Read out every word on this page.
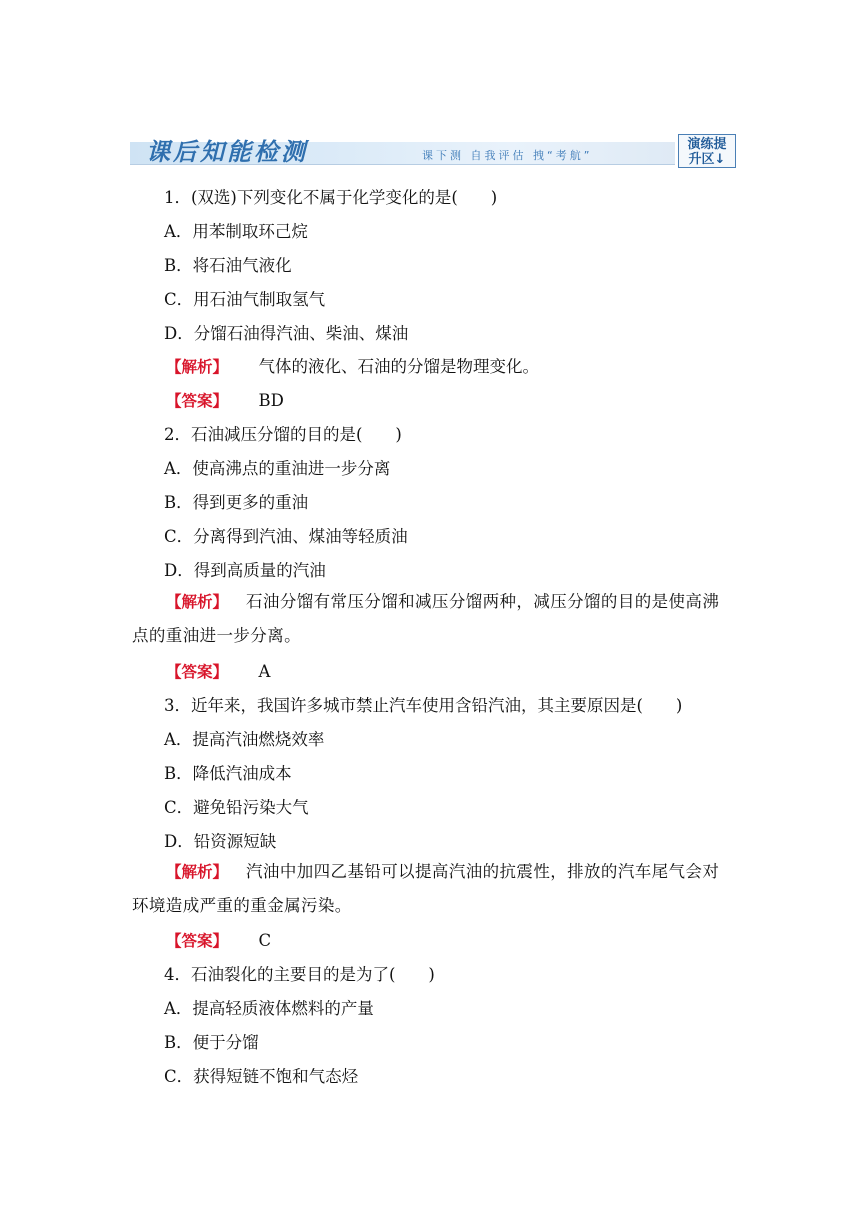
课后知能检测	课下测 自我评估 拽“考航”
演练提升区↓
1．(双选)下列变化不属于化学变化的是(　　)
A．用苯制取环己烷
B．将石油气液化
C．用石油气制取氢气
D．分馏石油得汽油、柴油、煤油
【解析】 气体的液化、石油的分馏是物理变化。
【答案】 BD
2．石油减压分馏的目的是(　　)
A．使高沸点的重油进一步分离
B．得到更多的重油
C．分离得到汽油、煤油等轻质油
D．得到高质量的汽油
【解析】 石油分馏有常压分馏和减压分馏两种，减压分馏的目的是使高沸点的重油进一步分离。
【答案】 A
3．近年来，我国许多城市禁止汽车使用含铅汽油，其主要原因是(　　)
A．提高汽油燃烧效率
B．降低汽油成本
C．避免铅污染大气
D．铅资源短缺
【解析】 汽油中加四乙基铅可以提高汽油的抗震性，排放的汽车尾气会对环境造成严重的重金属污染。
【答案】 C
4．石油裂化的主要目的是为了(　　)
A．提高轻质液体燃料的产量
B．便于分馏
C．获得短链不饱和气态烃
